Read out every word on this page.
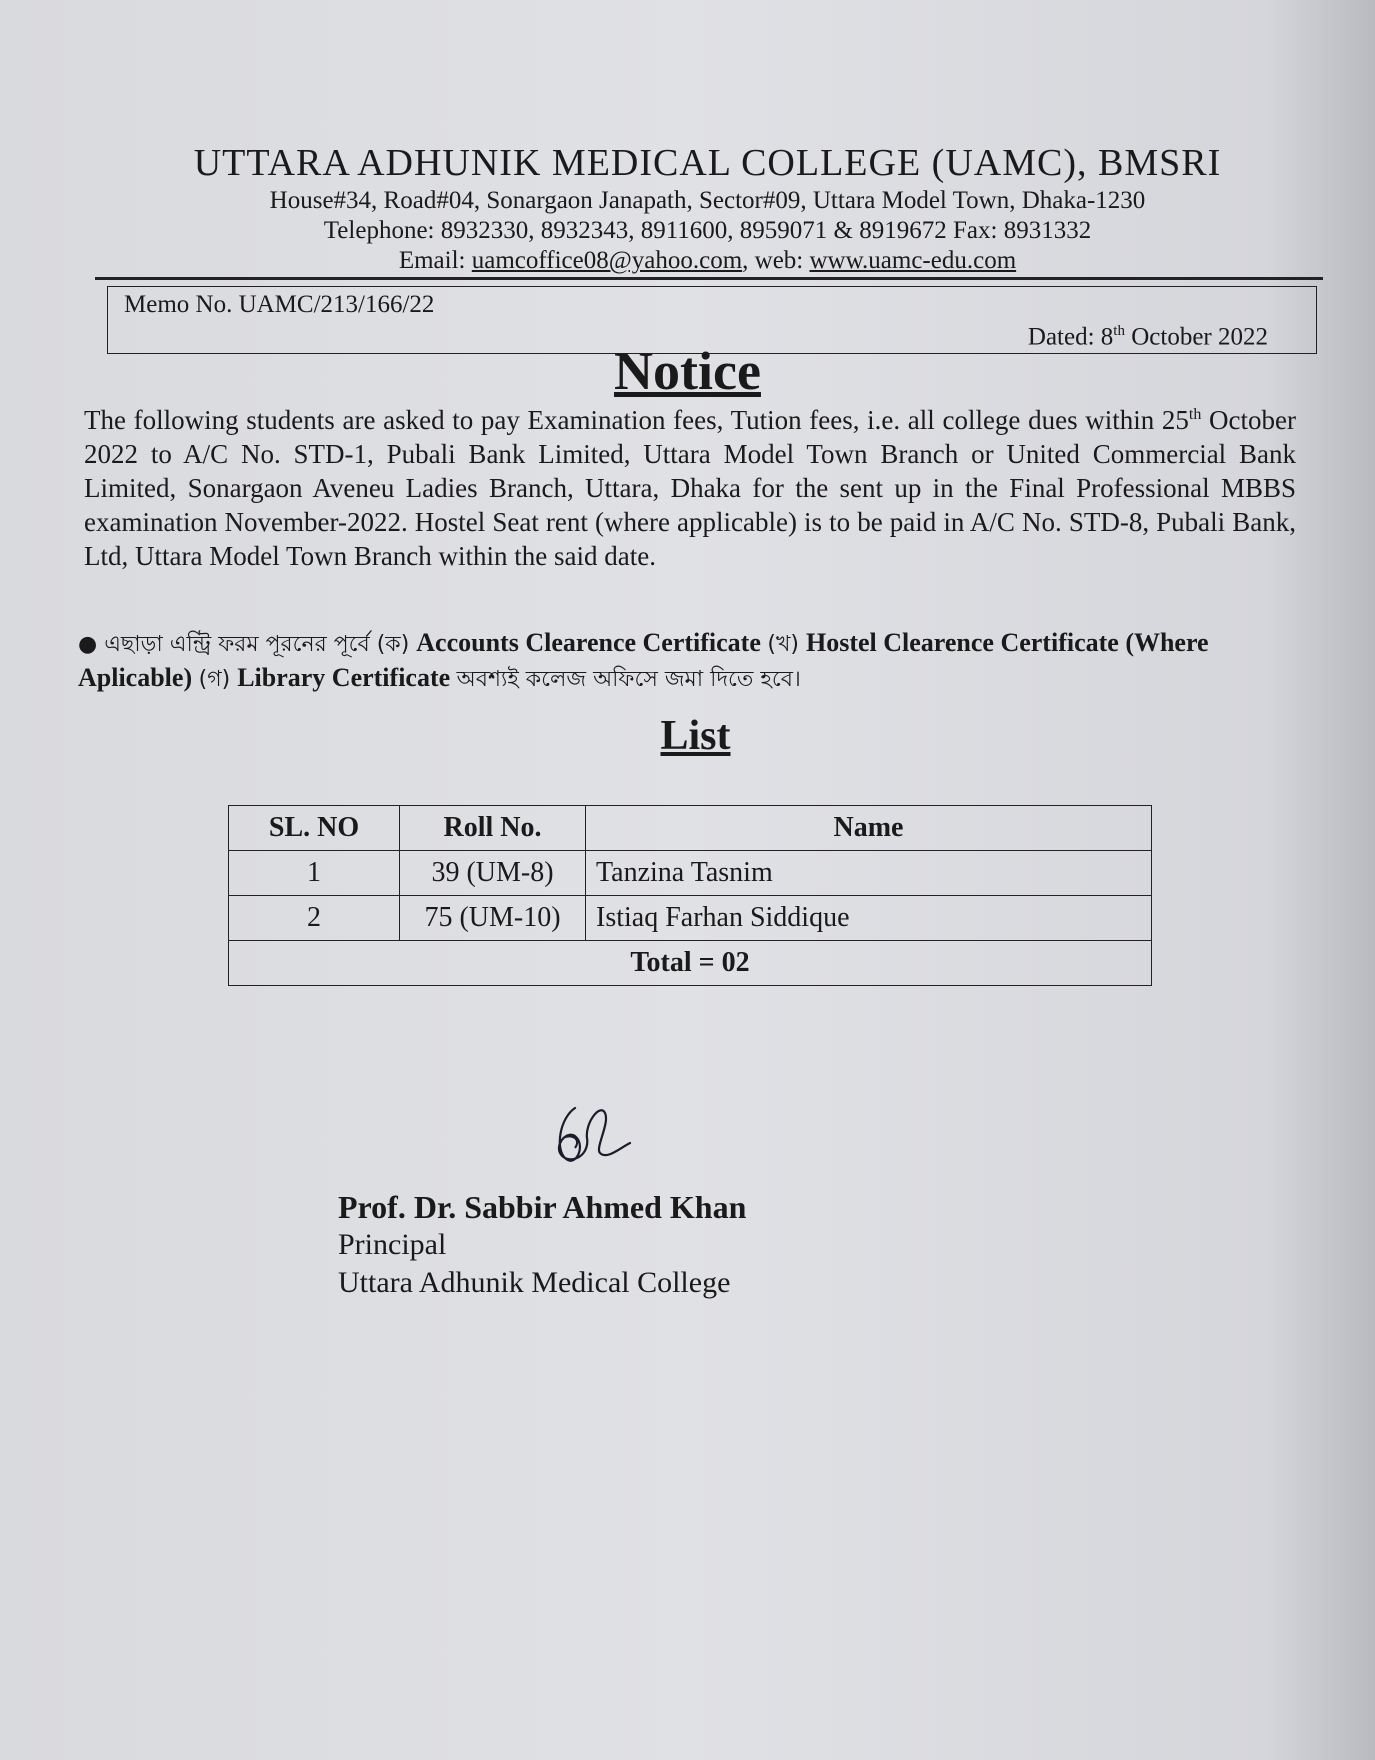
UTTARA ADHUNIK MEDICAL COLLEGE (UAMC), BMSRI

House#34, Road#04, Sonargaon Janapath, Sector#09, Uttara Model Town, Dhaka-1230

Telephone: 8932330, 8932343, 8911600, 8959071 & 8919672 Fax: 8931332

Email: uamcoffice08@yahoo.com, web: www.uamc-edu.com

Memo No. UAMC/213/166/22
Dated: 8th October 2022
Notice

The following students are asked to pay Examination fees, Tution fees, i.e. all college dues within 25th October 2022 to A/C No. STD-1, Pubali Bank Limited, Uttara Model Town Branch or United Commercial Bank Limited, Sonargaon Aveneu Ladies Branch, Uttara, Dhaka for the sent up in the Final Professional MBBS examination November-2022. Hostel Seat rent (where applicable) is to be paid in A/C No. STD-8, Pubali Bank, Ltd, Uttara Model Town Branch within the said date.

● এছাড়া এন্ট্রি ফরম পূরনের পূর্বে (ক) Accounts Clearence Certificate (খ) Hostel Clearence Certificate (Where Aplicable) (গ) Library Certificate অবশ্যই কলেজ অফিসে জমা দিতে হবে।

List
SL. NO	Roll No.	Name
1	39 (UM-8)	Tanzina Tasnim
2	75 (UM-10)	Istiaq Farhan Siddique
Total = 02		
Prof. Dr. Sabbir Ahmed Khan
Principal
Uttara Adhunik Medical College
